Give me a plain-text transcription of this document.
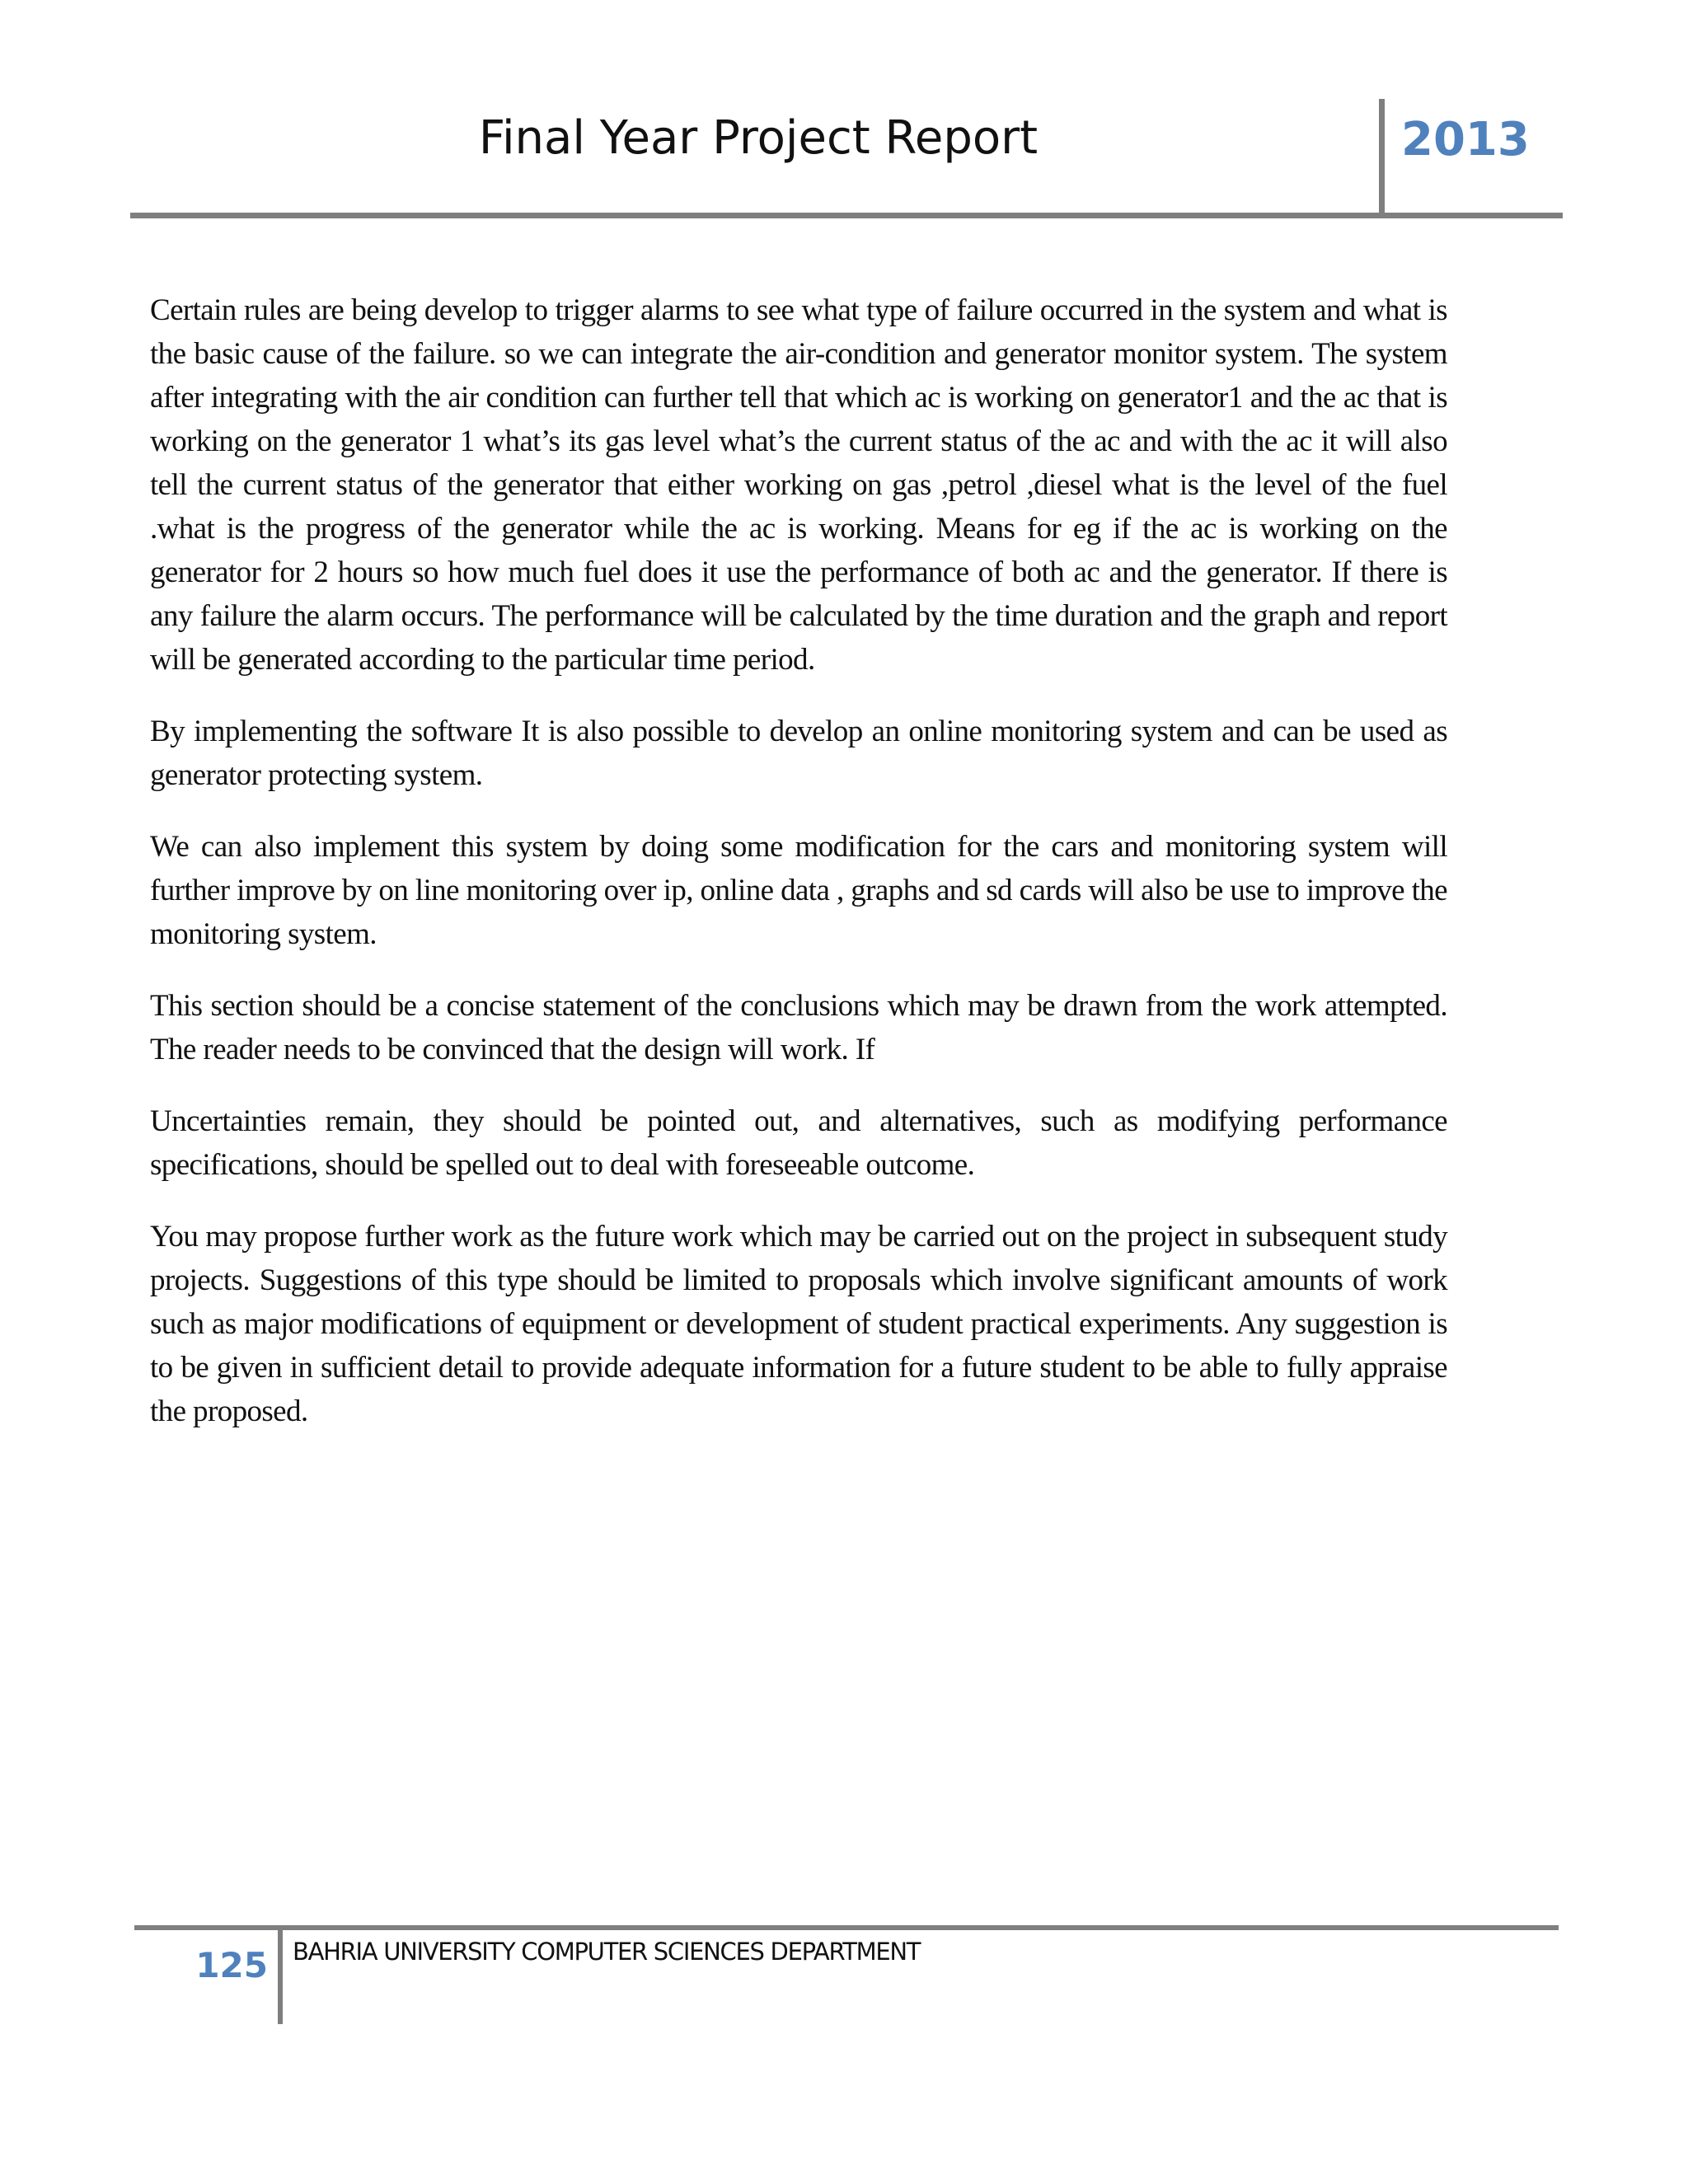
Final Year Project Report	2013

Certain rules are being develop to trigger alarms to see what type of failure occurred in the system and what is the basic cause of the failure. so we can integrate the air-condition and generator monitor system. The system after integrating with the air condition can further tell that which ac is working on generator1 and the ac that is working on the generator 1 what’s its gas level what’s the current status of the ac and with the ac it will also tell the current status of the generator that either working on gas ,petrol ,diesel what is the level of the fuel .what is the progress of the generator while the ac is working. Means for eg if the ac is working on the generator for 2 hours so how much fuel does it use the performance of both ac and the generator. If there is any failure the alarm occurs. The performance will be calculated by the time duration and the graph and report will be generated according to the particular time period.

By implementing the software It is also possible to develop an online monitoring system and can be used as generator protecting system.

We can also implement this system by doing some modification for the cars and monitoring system will further improve by on line monitoring over ip, online data , graphs and sd cards will also be use to improve the monitoring system.

This section should be a concise statement of the conclusions which may be drawn from the work attempted. The reader needs to be convinced that the design will work. If

Uncertainties remain, they should be pointed out, and alternatives, such as modifying performance specifications, should be spelled out to deal with foreseeable outcome.

You may propose further work as the future work which may be carried out on the project in subsequent study projects. Suggestions of this type should be limited to proposals which involve significant amounts of work such as major modifications of equipment or development of student practical experiments. Any suggestion is to be given in sufficient detail to provide adequate information for a future student to be able to fully appraise the proposed.

125 BAHRIA UNIVERSITY COMPUTER SCIENCES DEPARTMENT
